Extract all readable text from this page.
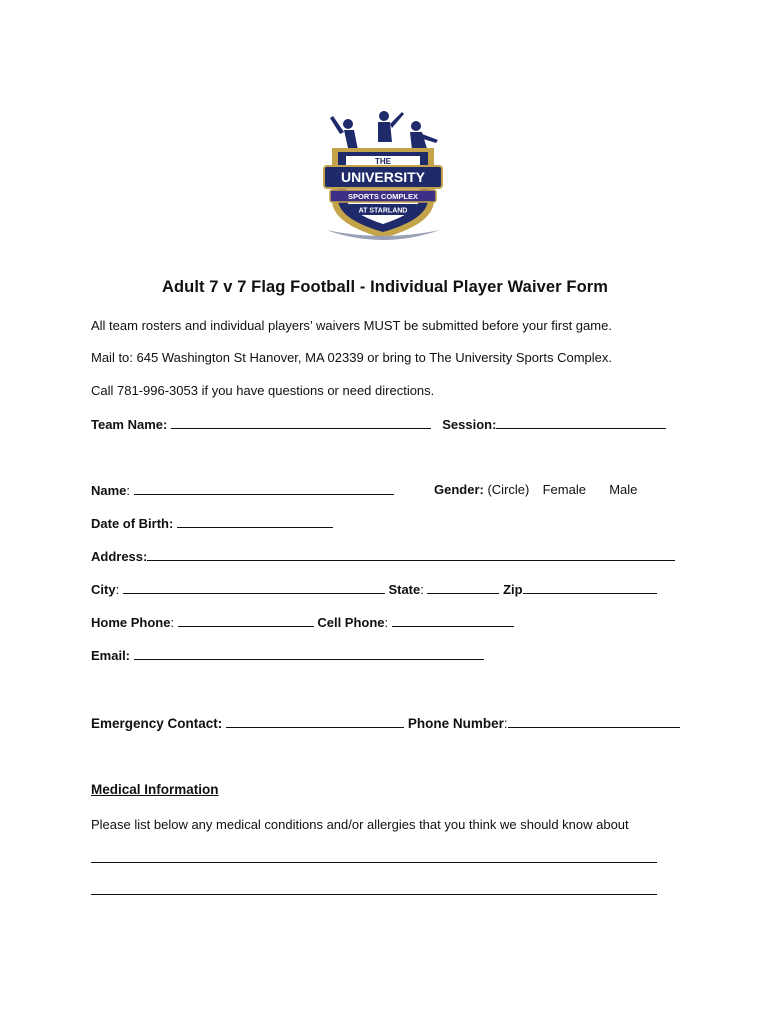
THE
UNIVERSITY
SPORTS COMPLEX
AT STARLAND
Adult 7 v 7 Flag Football - Individual Player Waiver Form
All team rosters and individual players’ waivers MUST be submitted before your first game.
Mail to: 645 Washington St Hanover, MA 02339 or bring to The University Sports Complex.
Call 781-996-3053 if you have questions or need directions.
Team Name:	Session:
Name:	Gender: (Circle) Female Male
Date of Birth:
Address:
City:	State:	Zip
Home Phone:	Cell Phone:
Email:
Emergency Contact:	Phone Number:
Medical Information
Please list below any medical conditions and/or allergies that you think we should know about
